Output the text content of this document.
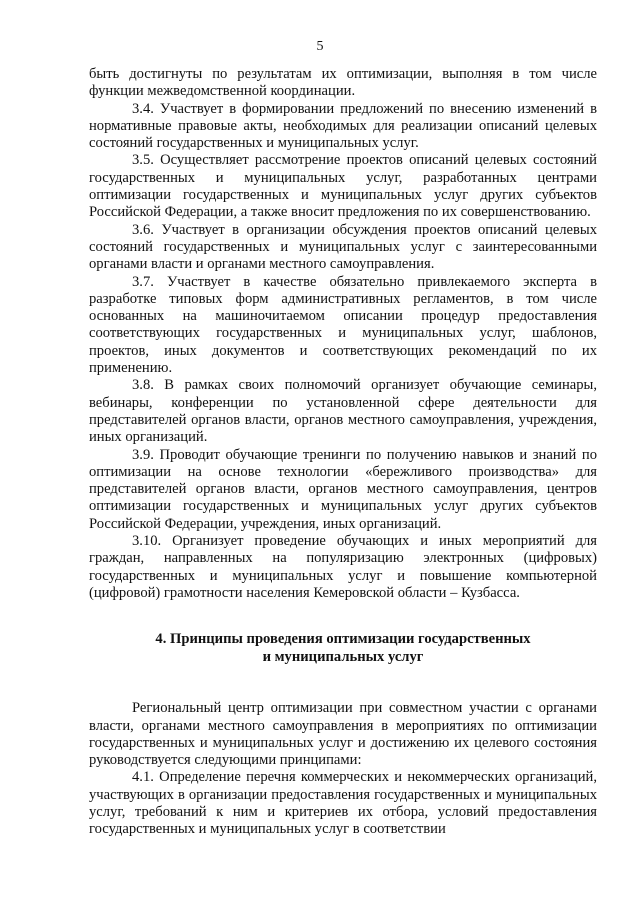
5

быть достигнуты по результатам их оптимизации, выполняя в том числе функции межведомственной координации.

3.4. Участвует в формировании предложений по внесению изменений в нормативные правовые акты, необходимых для реализации описаний целевых состояний государственных и муниципальных услуг.

3.5. Осуществляет рассмотрение проектов описаний целевых состояний государственных и муниципальных услуг, разработанных центрами оптимизации государственных и муниципальных услуг других субъектов Российской Федерации, а также вносит предложения по их совершенствованию.

3.6. Участвует в организации обсуждения проектов описаний целевых состояний государственных и муниципальных услуг с заинтересованными органами власти и органами местного самоуправления.

3.7. Участвует в качестве обязательно привлекаемого эксперта в разработке типовых форм административных регламентов, в том числе основанных на машиночитаемом описании процедур предоставления соответствующих государственных и муниципальных услуг, шаблонов, проектов, иных документов и соответствующих рекомендаций по их применению.

3.8. В рамках своих полномочий организует обучающие семинары, вебинары, конференции по установленной сфере деятельности для представителей органов власти, органов местного самоуправления, учреждения, иных организаций.

3.9. Проводит обучающие тренинги по получению навыков и знаний по оптимизации на основе технологии «бережливого производства» для представителей органов власти, органов местного самоуправления, центров оптимизации государственных и муниципальных услуг других субъектов Российской Федерации, учреждения, иных организаций.

3.10. Организует проведение обучающих и иных мероприятий для граждан, направленных на популяризацию электронных (цифровых) государственных и муниципальных услуг и повышение компьютерной (цифровой) грамотности населения Кемеровской области – Кузбасса.

4. Принципы проведения оптимизации государственных
и муниципальных услуг

Региональный центр оптимизации при совместном участии с органами власти, органами местного самоуправления в мероприятиях по оптимизации государственных и муниципальных услуг и достижению их целевого состояния руководствуется следующими принципами:

4.1. Определение перечня коммерческих и некоммерческих организаций, участвующих в организации предоставления государственных и муниципальных услуг, требований к ним и критериев их отбора, условий предоставления государственных и муниципальных услуг в соответствии
